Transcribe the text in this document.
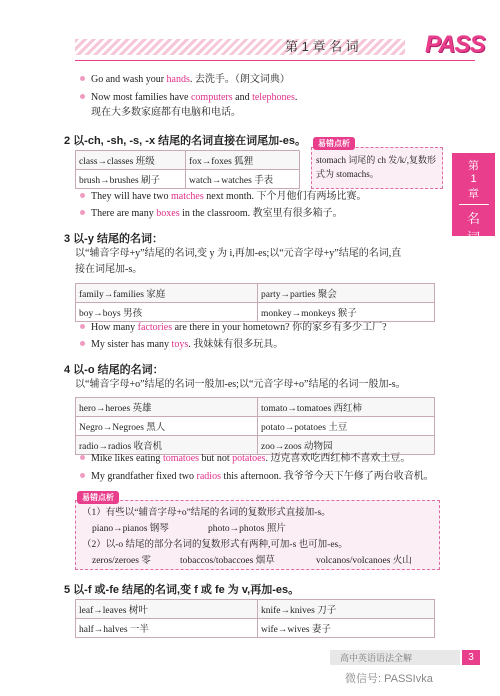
第 1 章 名 词	PASS
第
1
章
名
词
Go and wash your hands. 去洗手。（朗文词典）
Now most families have computers and telephones.
现在大多数家庭都有电脑和电话。
2 以-ch, -sh, -s, -x 结尾的名词直接在词尾加-es。
class→classes 班级	fox→foxes 狐狸
brush→brushes 刷子	watch→watches 手表
易错点析
stomach 词尾的 ch 发/k/,复数形式为 stomachs。
They will have two matches next month. 下个月他们有两场比赛。
There are many boxes in the classroom. 教室里有很多箱子。
3 以-y 结尾的名词：
以“辅音字母+y”结尾的名词,变 y 为 i,再加-es;以“元音字母+y”结尾的名词,直
接在词尾加-s。
family→families 家庭	party→parties 聚会
boy→boys 男孩	monkey→monkeys 猴子
How many factories are there in your hometown? 你的家乡有多少工厂?
My sister has many toys. 我妹妹有很多玩具。
4 以-o 结尾的名词：
以“辅音字母+o”结尾的名词一般加-es;以“元音字母+o”结尾的名词一般加-s。
hero→heroes 英雄	tomato→tomatoes 西红柿
Negro→Negroes 黑人	potato→potatoes 土豆
radio→radios 收音机	zoo→zoos 动物园
Mike likes eating tomatoes but not potatoes. 迈克喜欢吃西红柿不喜欢土豆。
My grandfather fixed two radios this afternoon. 我爷爷今天下午修了两台收音机。
易错点析
（1）有些以“辅音字母+o”结尾的名词的复数形式直接加-s。
piano→pianos 钢琴	photo→photos 照片
（2）以-o 结尾的部分名词的复数形式有两种,可加-s 也可加-es。
zeros/zeroes 零	tobaccos/tobaccoes 烟草	volcanos/volcanoes 火山
5 以-f 或-fe 结尾的名词,变 f 或 fe 为 v,再加-es。
leaf→leaves 树叶	knife→knives 刀子
half→halves 一半	wife→wives 妻子
高中英语语法全解	3
微信号: PASSIvka
